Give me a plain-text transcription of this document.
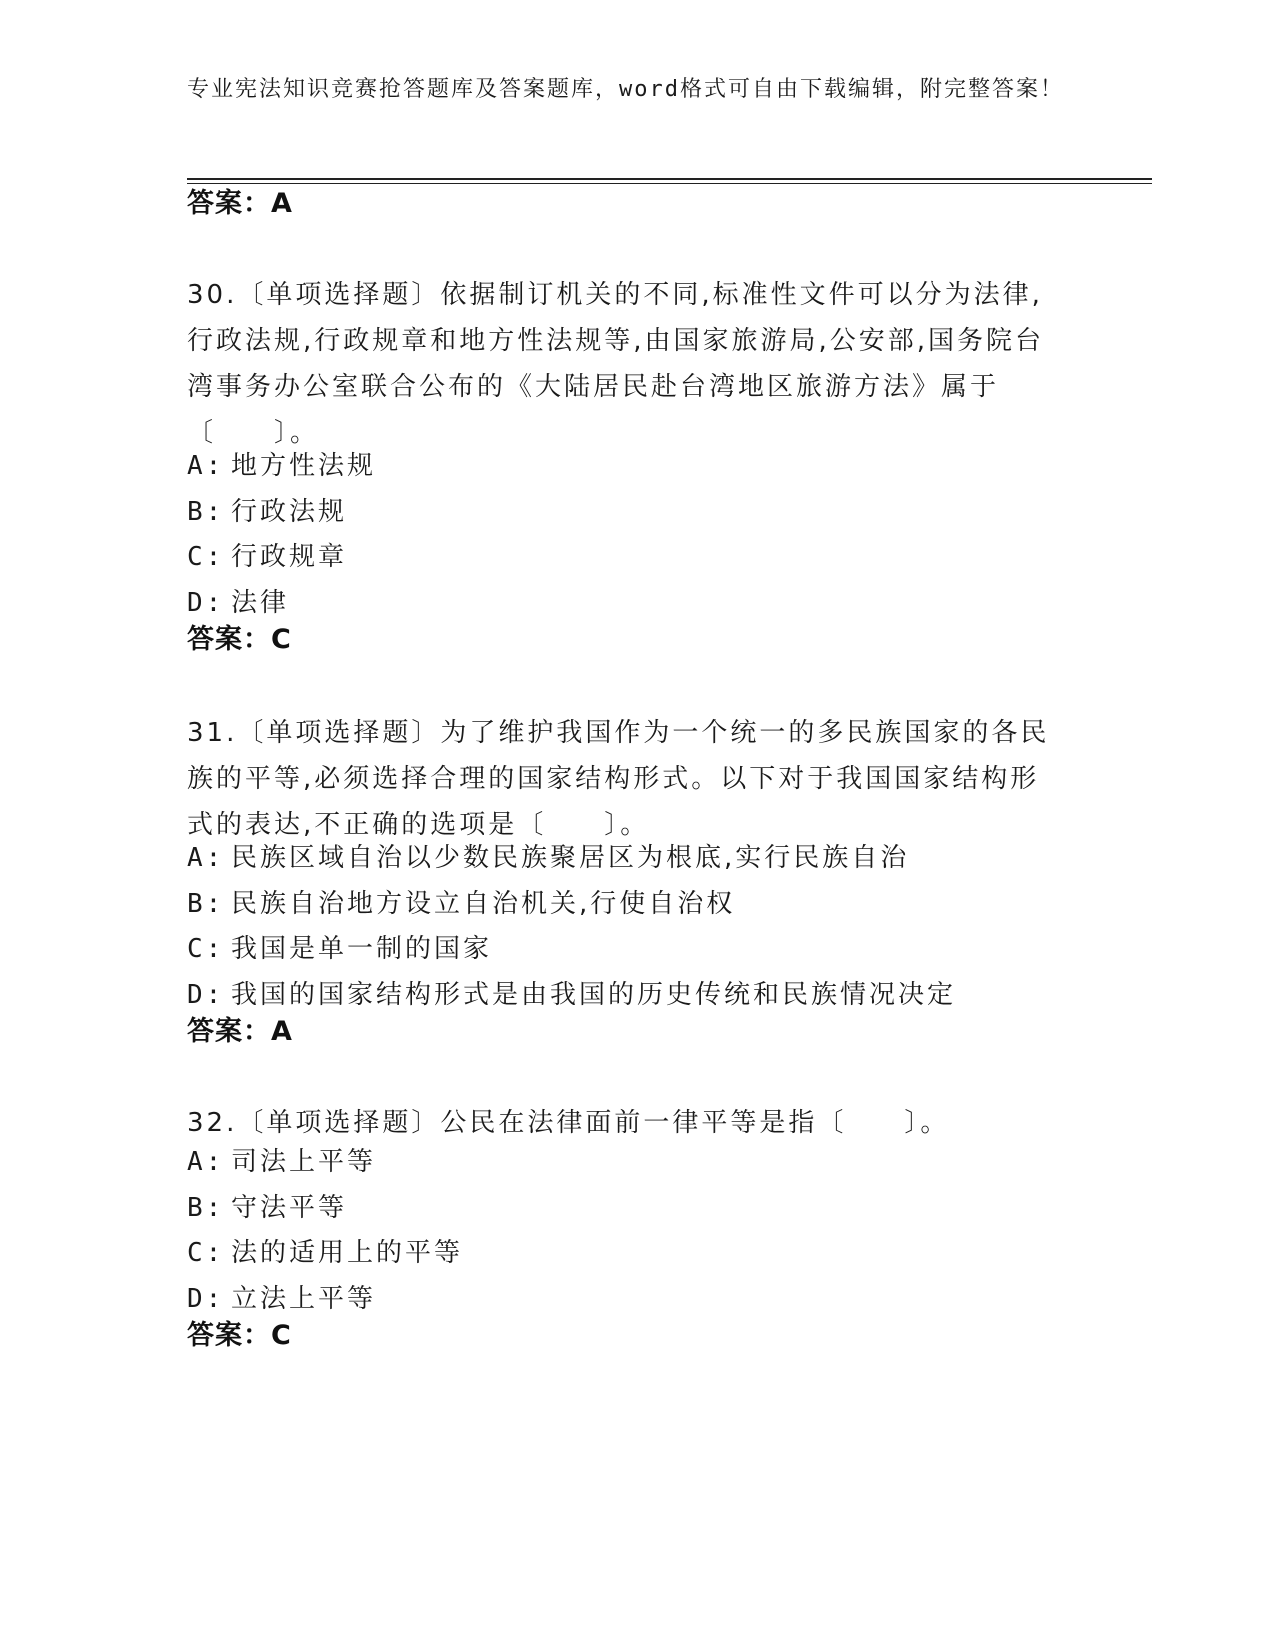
专业宪法知识竞赛抢答题库及答案题库，word格式可自由下载编辑，附完整答案！
答案：A
30.〔单项选择题〕依据制订机关的不同,标准性文件可以分为法律,行政法规,行政规章和地方性法规等,由国家旅游局,公安部,国务院台湾事务办公室联合公布的《大陆居民赴台湾地区旅游方法》属于〔　　〕。
A: 地方性法规
B: 行政法规
C: 行政规章
D: 法律
答案：C
31.〔单项选择题〕为了维护我国作为一个统一的多民族国家的各民族的平等,必须选择合理的国家结构形式。以下对于我国国家结构形式的表达,不正确的选项是〔　　〕。
A: 民族区域自治以少数民族聚居区为根底,实行民族自治
B: 民族自治地方设立自治机关,行使自治权
C: 我国是单一制的国家
D: 我国的国家结构形式是由我国的历史传统和民族情况决定
答案：A
32.〔单项选择题〕公民在法律面前一律平等是指〔　　〕。
A: 司法上平等
B: 守法平等
C: 法的适用上的平等
D: 立法上平等
答案：C
